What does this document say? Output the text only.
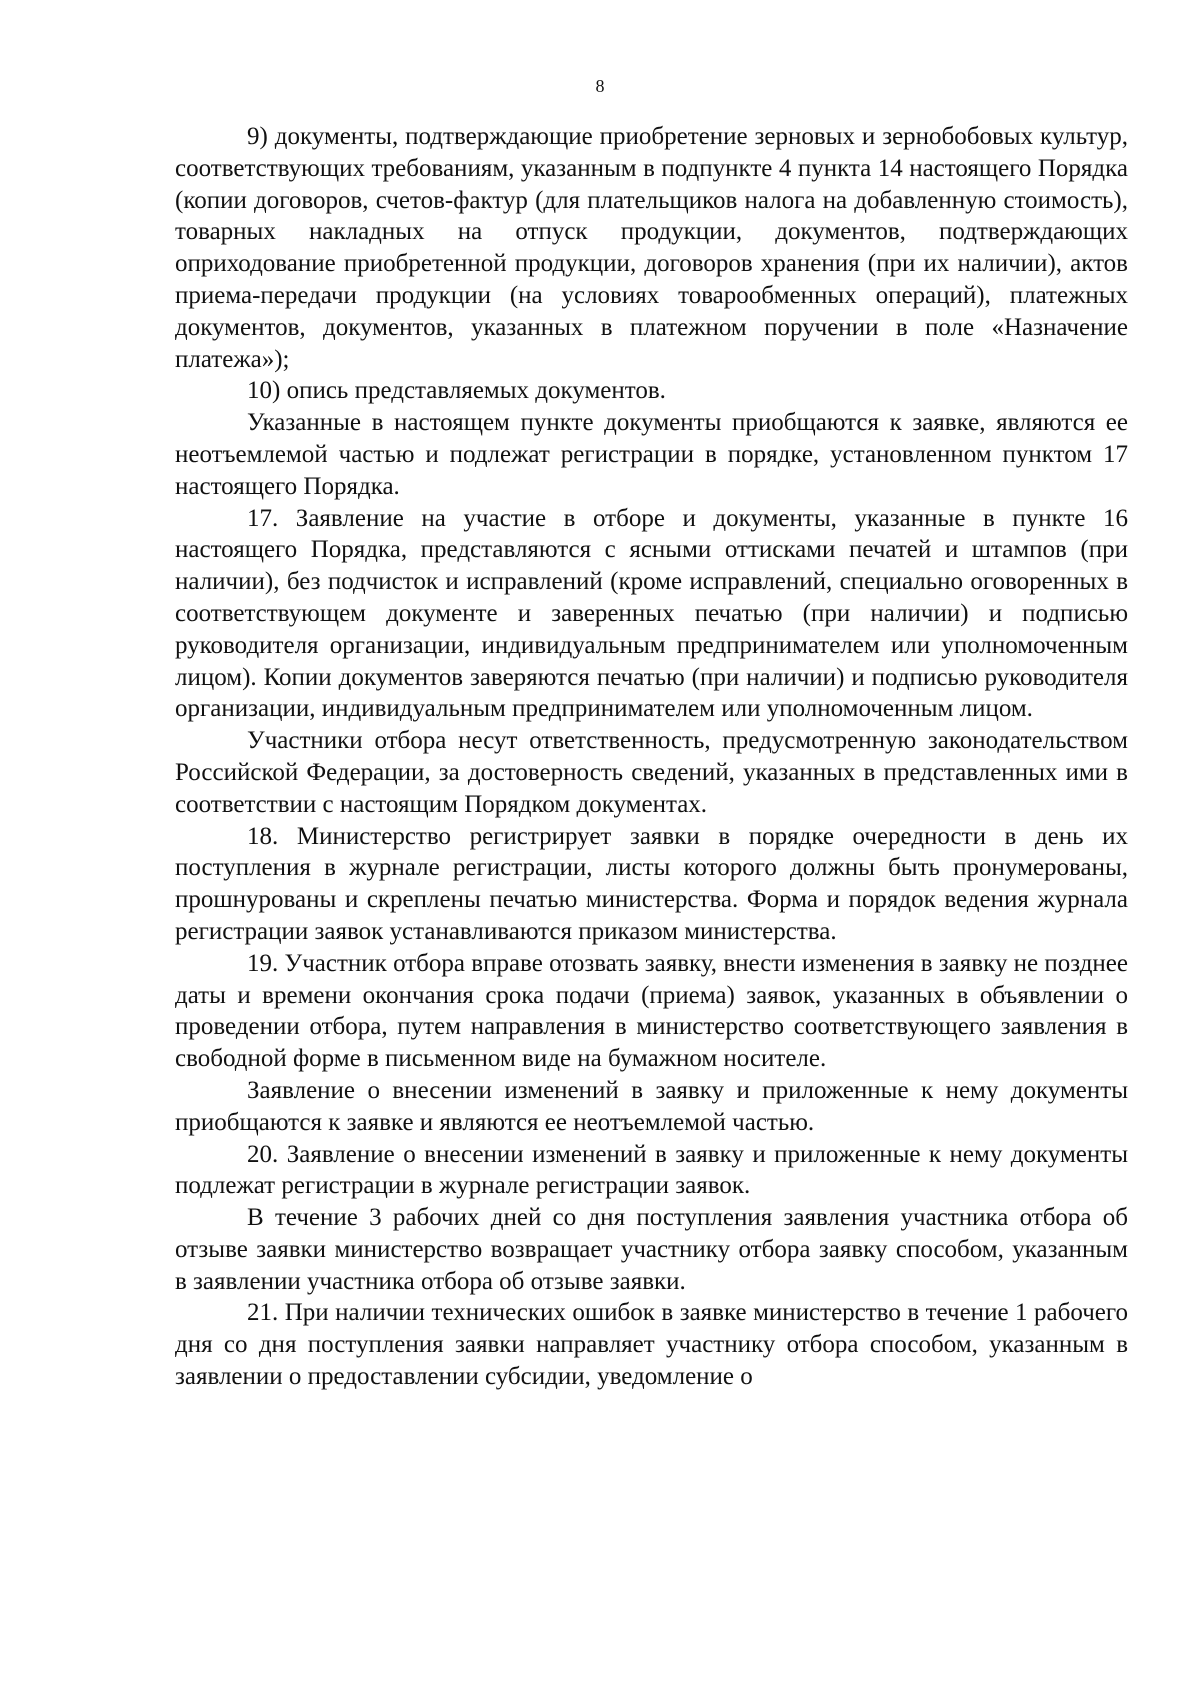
8

9) документы, подтверждающие приобретение зерновых и зернобобовых культур, соответствующих требованиям, указанным в подпункте 4 пункта 14 настоящего Порядка (копии договоров, счетов-фактур (для плательщиков налога на добавленную стоимость), товарных накладных на отпуск продукции, документов, подтверждающих оприходование приобретенной продукции, договоров хранения (при их наличии), актов приема-передачи продукции (на условиях товарообменных операций), платежных документов, документов, указанных в платежном поручении в поле «Назначение платежа»);

10) опись представляемых документов.

Указанные в настоящем пункте документы приобщаются к заявке, являются ее неотъемлемой частью и подлежат регистрации в порядке, установленном пунктом 17 настоящего Порядка.

17. Заявление на участие в отборе и документы, указанные в пункте 16 настоящего Порядка, представляются с ясными оттисками печатей и штампов (при наличии), без подчисток и исправлений (кроме исправлений, специально оговоренных в соответствующем документе и заверенных печатью (при наличии) и подписью руководителя организации, индивидуальным предпринимателем или уполномоченным лицом). Копии документов заверяются печатью (при наличии) и подписью руководителя организации, индивидуальным предпринимателем или уполномоченным лицом.

Участники отбора несут ответственность, предусмотренную законодательством Российской Федерации, за достоверность сведений, указанных в представленных ими в соответствии с настоящим Порядком документах.

18. Министерство регистрирует заявки в порядке очередности в день их поступления в журнале регистрации, листы которого должны быть пронумерованы, прошнурованы и скреплены печатью министерства. Форма и порядок ведения журнала регистрации заявок устанавливаются приказом министерства.

19. Участник отбора вправе отозвать заявку, внести изменения в заявку не позднее даты и времени окончания срока подачи (приема) заявок, указанных в объявлении о проведении отбора, путем направления в министерство соответствующего заявления в свободной форме в письменном виде на бумажном носителе.

Заявление о внесении изменений в заявку и приложенные к нему документы приобщаются к заявке и являются ее неотъемлемой частью.

20. Заявление о внесении изменений в заявку и приложенные к нему документы подлежат регистрации в журнале регистрации заявок.

В течение 3 рабочих дней со дня поступления заявления участника отбора об отзыве заявки министерство возвращает участнику отбора заявку способом, указанным в заявлении участника отбора об отзыве заявки.

21. При наличии технических ошибок в заявке министерство в течение 1 рабочего дня со дня поступления заявки направляет участнику отбора способом, указанным в заявлении о предоставлении субсидии, уведомление о
